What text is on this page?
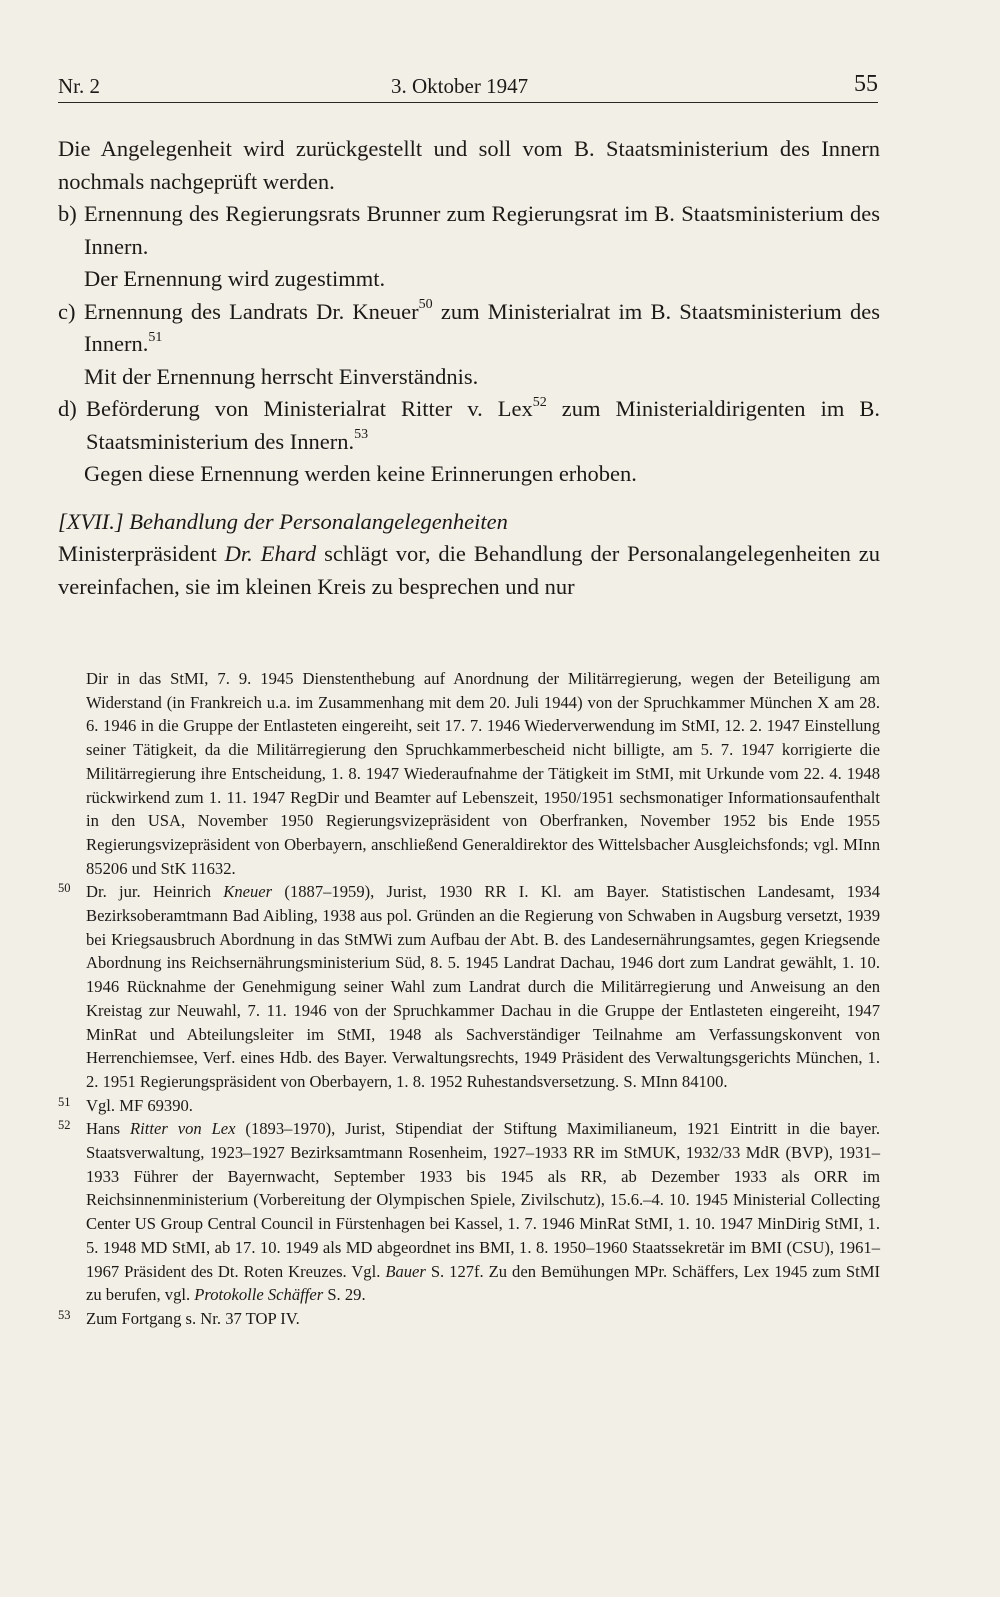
Nr. 2	3. Oktober 1947	55

Die Angelegenheit wird zurückgestellt und soll vom B. Staatsministerium des Innern nochmals nachgeprüft werden.

b) Ernennung des Regierungsrats Brunner zum Regierungsrat im B. Staatsministerium des Innern.

Der Ernennung wird zugestimmt.

c) Ernennung des Landrats Dr. Kneuer$^{50}$ zum Ministerialrat im B. Staatsministerium des Innern.$^{51}$

Mit der Ernennung herrscht Einverständnis.

d) Beförderung von Ministerialrat Ritter v. Lex$^{52}$ zum Ministerialdirigenten im B. Staatsministerium des Innern.$^{53}$

Gegen diese Ernennung werden keine Erinnerungen erhoben.

[XVII.] Behandlung der Personalangelegenheiten

Ministerpräsident Dr. Ehard schlägt vor, die Behandlung der Personalangelegenheiten zu vereinfachen, sie im kleinen Kreis zu besprechen und nur

Dir in das StMI, 7. 9. 1945 Dienstenthebung auf Anordnung der Militärregierung, wegen der Beteiligung am Widerstand (in Frankreich u.a. im Zusammenhang mit dem 20. Juli 1944) von der Spruchkammer München X am 28. 6. 1946 in die Gruppe der Entlasteten eingereiht, seit 17. 7. 1946 Wiederverwendung im StMI, 12. 2. 1947 Einstellung seiner Tätigkeit, da die Militärregierung den Spruchkammerbescheid nicht billigte, am 5. 7. 1947 korrigierte die Militärregierung ihre Entscheidung, 1. 8. 1947 Wiederaufnahme der Tätigkeit im StMI, mit Urkunde vom 22. 4. 1948 rückwirkend zum 1. 11. 1947 RegDir und Beamter auf Lebenszeit, 1950/1951 sechsmonatiger Informationsaufenthalt in den USA, November 1950 Regierungsvizepräsident von Oberfranken, November 1952 bis Ende 1955 Regierungsvizepräsident von Oberbayern, anschließend Generaldirektor des Wittelsbacher Ausgleichsfonds; vgl. MInn 85206 und StK 11632.
50 Dr. jur. Heinrich Kneuer (1887–1959), Jurist, 1930 RR I. Kl. am Bayer. Statistischen Landesamt, 1934 Bezirksoberamtmann Bad Aibling, 1938 aus pol. Gründen an die Regierung von Schwaben in Augsburg versetzt, 1939 bei Kriegsausbruch Abordnung in das StMWi zum Aufbau der Abt. B. des Landesernährungsamtes, gegen Kriegsende Abordnung ins Reichsernährungsministerium Süd, 8. 5. 1945 Landrat Dachau, 1946 dort zum Landrat gewählt, 1. 10. 1946 Rücknahme der Genehmigung seiner Wahl zum Landrat durch die Militärregierung und Anweisung an den Kreistag zur Neuwahl, 7. 11. 1946 von der Spruchkammer Dachau in die Gruppe der Entlasteten eingereiht, 1947 MinRat und Abteilungsleiter im StMI, 1948 als Sachverständiger Teilnahme am Verfassungskonvent von Herrenchiemsee, Verf. eines Hdb. des Bayer. Verwaltungsrechts, 1949 Präsident des Verwaltungsgerichts München, 1. 2. 1951 Regierungspräsident von Oberbayern, 1. 8. 1952 Ruhestandsversetzung. S. MInn 84100.
51 Vgl. MF 69390.
52 Hans Ritter von Lex (1893–1970), Jurist, Stipendiat der Stiftung Maximilianeum, 1921 Eintritt in die bayer. Staatsverwaltung, 1923–1927 Bezirksamtmann Rosenheim, 1927–1933 RR im StMUK, 1932/33 MdR (BVP), 1931–1933 Führer der Bayernwacht, September 1933 bis 1945 als RR, ab Dezember 1933 als ORR im Reichsinnenministerium (Vorbereitung der Olympischen Spiele, Zivilschutz), 15.6.–4. 10. 1945 Ministerial Collecting Center US Group Central Council in Fürstenhagen bei Kassel, 1. 7. 1946 MinRat StMI, 1. 10. 1947 MinDirig StMI, 1. 5. 1948 MD StMI, ab 17. 10. 1949 als MD abgeordnet ins BMI, 1. 8. 1950–1960 Staatssekretär im BMI (CSU), 1961–1967 Präsident des Dt. Roten Kreuzes. Vgl. Bauer S. 127f. Zu den Bemühungen MPr. Schäffers, Lex 1945 zum StMI zu berufen, vgl. Protokolle Schäffer S. 29.
53 Zum Fortgang s. Nr. 37 TOP IV.
